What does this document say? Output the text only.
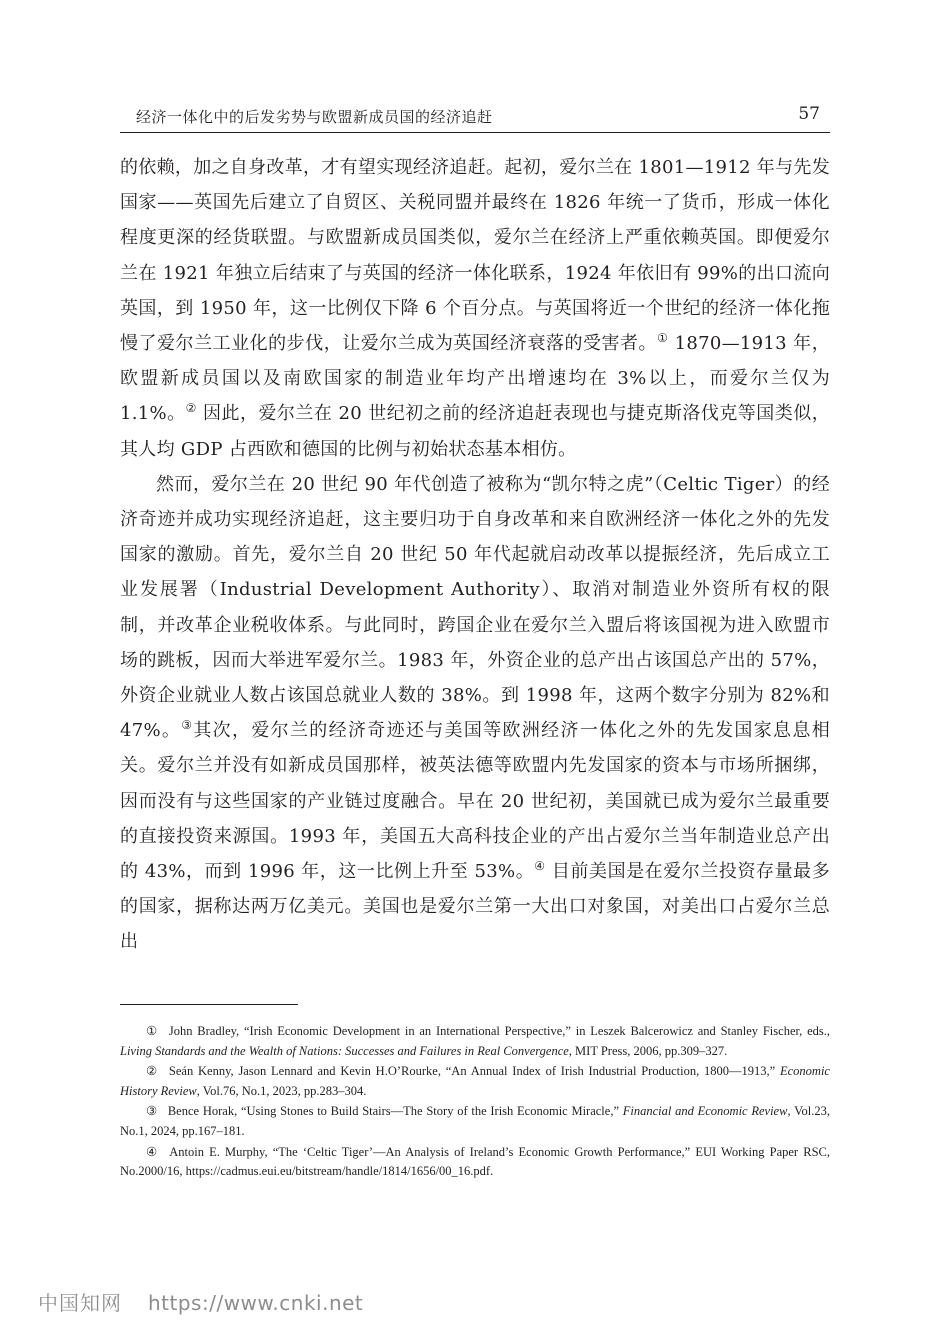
经济一体化中的后发劣势与欧盟新成员国的经济追赶	57

的依赖，加之自身改革，才有望实现经济追赶。起初，爱尔兰在 1801—1912 年与先发国家——英国先后建立了自贸区、关税同盟并最终在 1826 年统一了货币，形成一体化程度更深的经货联盟。与欧盟新成员国类似，爱尔兰在经济上严重依赖英国。即便爱尔兰在 1921 年独立后结束了与英国的经济一体化联系，1924 年依旧有 99%的出口流向英国，到 1950 年，这一比例仅下降 6 个百分点。与英国将近一个世纪的经济一体化拖慢了爱尔兰工业化的步伐，让爱尔兰成为英国经济衰落的受害者。① 1870—1913 年，欧盟新成员国以及南欧国家的制造业年均产出增速均在 3%以上，而爱尔兰仅为 1.1%。② 因此，爱尔兰在 20 世纪初之前的经济追赶表现也与捷克斯洛伐克等国类似，其人均 GDP 占西欧和德国的比例与初始状态基本相仿。

然而，爱尔兰在 20 世纪 90 年代创造了被称为“凯尔特之虎”（Celtic Tiger）的经济奇迹并成功实现经济追赶，这主要归功于自身改革和来自欧洲经济一体化之外的先发国家的激励。首先，爱尔兰自 20 世纪 50 年代起就启动改革以提振经济，先后成立工业发展署（Industrial Development Authority）、取消对制造业外资所有权的限制，并改革企业税收体系。与此同时，跨国企业在爱尔兰入盟后将该国视为进入欧盟市场的跳板，因而大举进军爱尔兰。1983 年，外资企业的总产出占该国总产出的 57%，外资企业就业人数占该国总就业人数的 38%。到 1998 年，这两个数字分别为 82%和 47%。③其次，爱尔兰的经济奇迹还与美国等欧洲经济一体化之外的先发国家息息相关。爱尔兰并没有如新成员国那样，被英法德等欧盟内先发国家的资本与市场所捆绑，因而没有与这些国家的产业链过度融合。早在 20 世纪初，美国就已成为爱尔兰最重要的直接投资来源国。1993 年，美国五大高科技企业的产出占爱尔兰当年制造业总产出的 43%，而到 1996 年，这一比例上升至 53%。④ 目前美国是在爱尔兰投资存量最多的国家，据称达两万亿美元。美国也是爱尔兰第一大出口对象国，对美出口占爱尔兰总出

① John Bradley, “Irish Economic Development in an International Perspective,” in Leszek Balcerowicz and Stanley Fischer, eds., Living Standards and the Wealth of Nations: Successes and Failures in Real Convergence, MIT Press, 2006, pp.309–327.

② Seán Kenny, Jason Lennard and Kevin H.O’Rourke, “An Annual Index of Irish Industrial Production, 1800—1913,” Economic History Review, Vol.76, No.1, 2023, pp.283–304.

③ Bence Horak, “Using Stones to Build Stairs—The Story of the Irish Economic Miracle,” Financial and Economic Review, Vol.23, No.1, 2024, pp.167–181.

④ Antoin E. Murphy, “The ‘Celtic Tiger’—An Analysis of Ireland’s Economic Growth Performance,” EUI Working Paper RSC, No.2000/16, https://cadmus.eui.eu/bitstream/handle/1814/1656/00_16.pdf.

中国知网 https://www.cnki.net
